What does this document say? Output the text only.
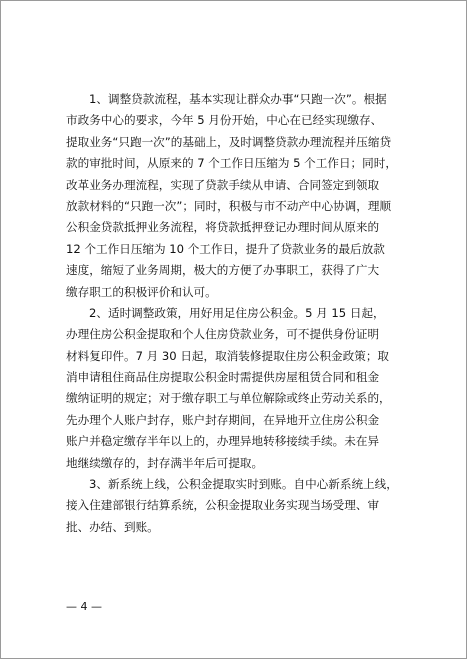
1、调整贷款流程，基本实现让群众办事“只跑一次”。根据
市政务中心的要求，今年 5 月份开始，中心在已经实现缴存、
提取业务“只跑一次”的基础上，及时调整贷款办理流程并压缩贷
款的审批时间，从原来的 7 个工作日压缩为 5 个工作日；同时，
改革业务办理流程，实现了贷款手续从申请、合同签定到领取
放款材料的“只跑一次”；同时，积极与市不动产中心协调，理顺
公积金贷款抵押业务流程，将贷款抵押登记办理时间从原来的
12 个工作日压缩为 10 个工作日，提升了贷款业务的最后放款
速度，缩短了业务周期，极大的方便了办事职工，获得了广大
缴存职工的积极评价和认可。
2、适时调整政策，用好用足住房公积金。5 月 15 日起，
办理住房公积金提取和个人住房贷款业务，可不提供身份证明
材料复印件。7 月 30 日起，取消装修提取住房公积金政策；取
消申请租住商品住房提取公积金时需提供房屋租赁合同和租金
缴纳证明的规定；对于缴存职工与单位解除或终止劳动关系的，
先办理个人账户封存，账户封存期间，在异地开立住房公积金
账户并稳定缴存半年以上的，办理异地转移接续手续。未在异
地继续缴存的，封存满半年后可提取。
3、新系统上线，公积金提取实时到账。自中心新系统上线，
接入住建部银行结算系统，公积金提取业务实现当场受理、审
批、办结、到账。
— 4 —
